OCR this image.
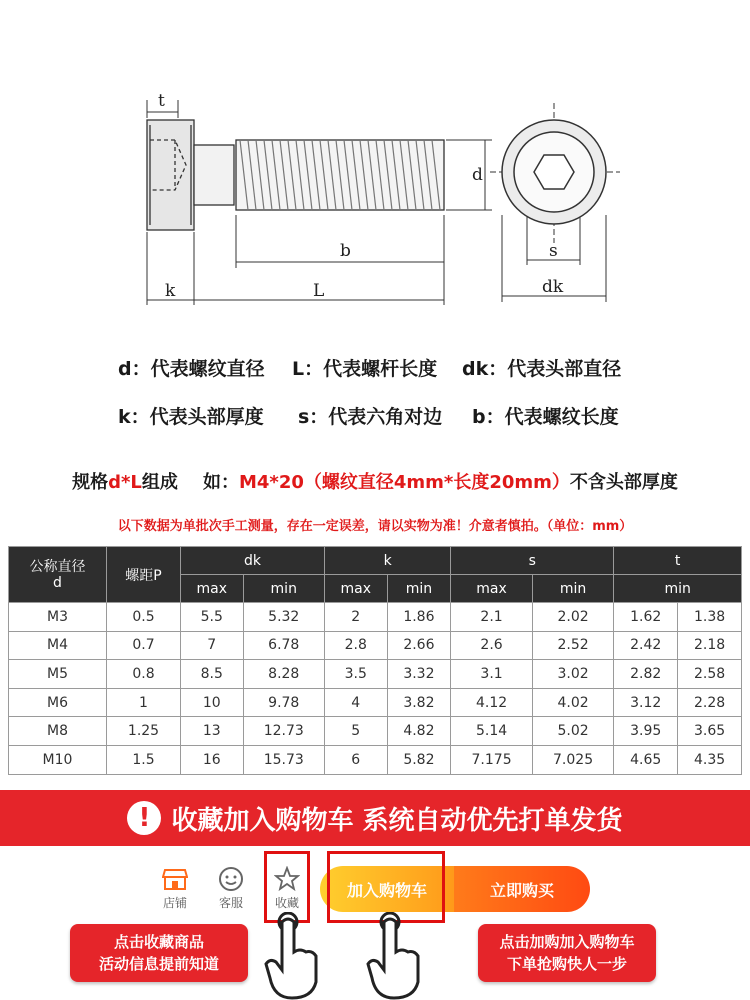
t
d
b
k	L
s
dk
d：代表螺纹直径 L：代表螺杆长度 dk：代表头部直径
k：代表头部厚度 s：代表六角对边 b：代表螺纹长度
规格d*L组成    如：M4*20（螺纹直径4mm*长度20mm）不含头部厚度
以下数据为单批次手工测量，存在一定误差，请以实物为准！介意者慎拍。（单位：mm）
公称直径
d	螺距P	dk		k		s		t	
		max	min	max	min	max	min	min	
M3	0.5	5.5	5.32	2	1.86	2.1	2.02	1.62	1.38
M4	0.7	7	6.78	2.8	2.66	2.6	2.52	2.42	2.18
M5	0.8	8.5	8.28	3.5	3.32	3.1	3.02	2.82	2.58
M6	1	10	9.78	4	3.82	4.12	4.02	3.12	2.28
M8	1.25	13	12.73	5	4.82	5.14	5.02	3.95	3.65
M10	1.5	16	15.73	6	5.82	7.175	7.025	4.65	4.35
! 收藏加入购物车 系统自动优先打单发货
店铺	客服	收藏
加入购物车	立即购买
点击收藏商品
活动信息提前知道
点击加购加入购物车
下单抢购快人一步
